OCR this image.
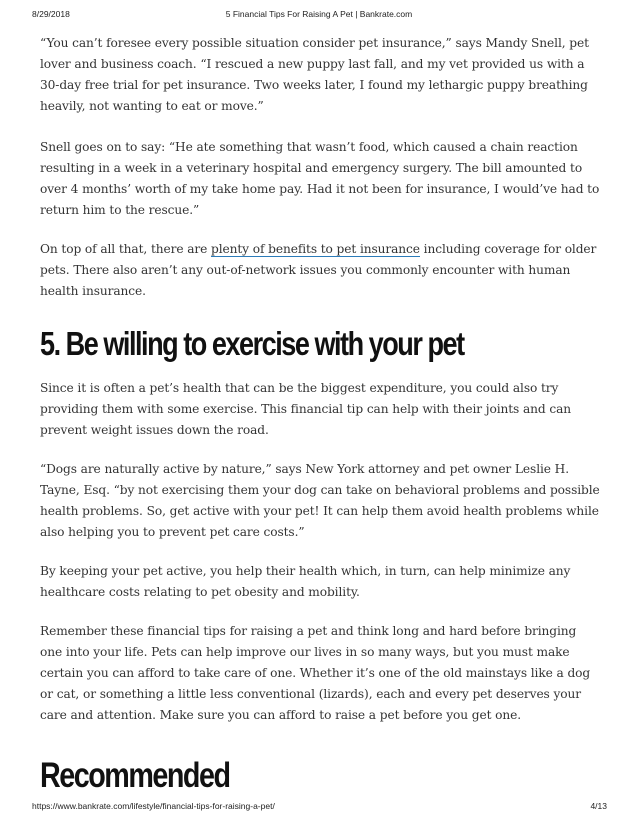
8/29/2018	5 Financial Tips For Raising A Pet | Bankrate.com

“You can’t foresee every possible situation consider pet insurance,” says Mandy Snell, pet lover and business coach. “I rescued a new puppy last fall, and my vet provided us with a 30-day free trial for pet insurance. Two weeks later, I found my lethargic puppy breathing heavily, not wanting to eat or move.”

Snell goes on to say: “He ate something that wasn’t food, which caused a chain reaction resulting in a week in a veterinary hospital and emergency surgery. The bill amounted to over 4 months’ worth of my take home pay. Had it not been for insurance, I would’ve had to return him to the rescue.”

On top of all that, there are plenty of benefits to pet insurance including coverage for older pets. There also aren’t any out-of-network issues you commonly encounter with human health insurance.

5. Be willing to exercise with your pet

Since it is often a pet’s health that can be the biggest expenditure, you could also try providing them with some exercise. This financial tip can help with their joints and can prevent weight issues down the road.

“Dogs are naturally active by nature,” says New York attorney and pet owner Leslie H. Tayne, Esq. “by not exercising them your dog can take on behavioral problems and possible health problems. So, get active with your pet! It can help them avoid health problems while also helping you to prevent pet care costs.”

By keeping your pet active, you help their health which, in turn, can help minimize any healthcare costs relating to pet obesity and mobility.

Remember these financial tips for raising a pet and think long and hard before bringing one into your life. Pets can help improve our lives in so many ways, but you must make certain you can afford to take care of one. Whether it’s one of the old mainstays like a dog or cat, or something a little less conventional (lizards), each and every pet deserves your care and attention. Make sure you can afford to raise a pet before you get one.

Recommended
https://www.bankrate.com/lifestyle/financial-tips-for-raising-a-pet/	4/13
